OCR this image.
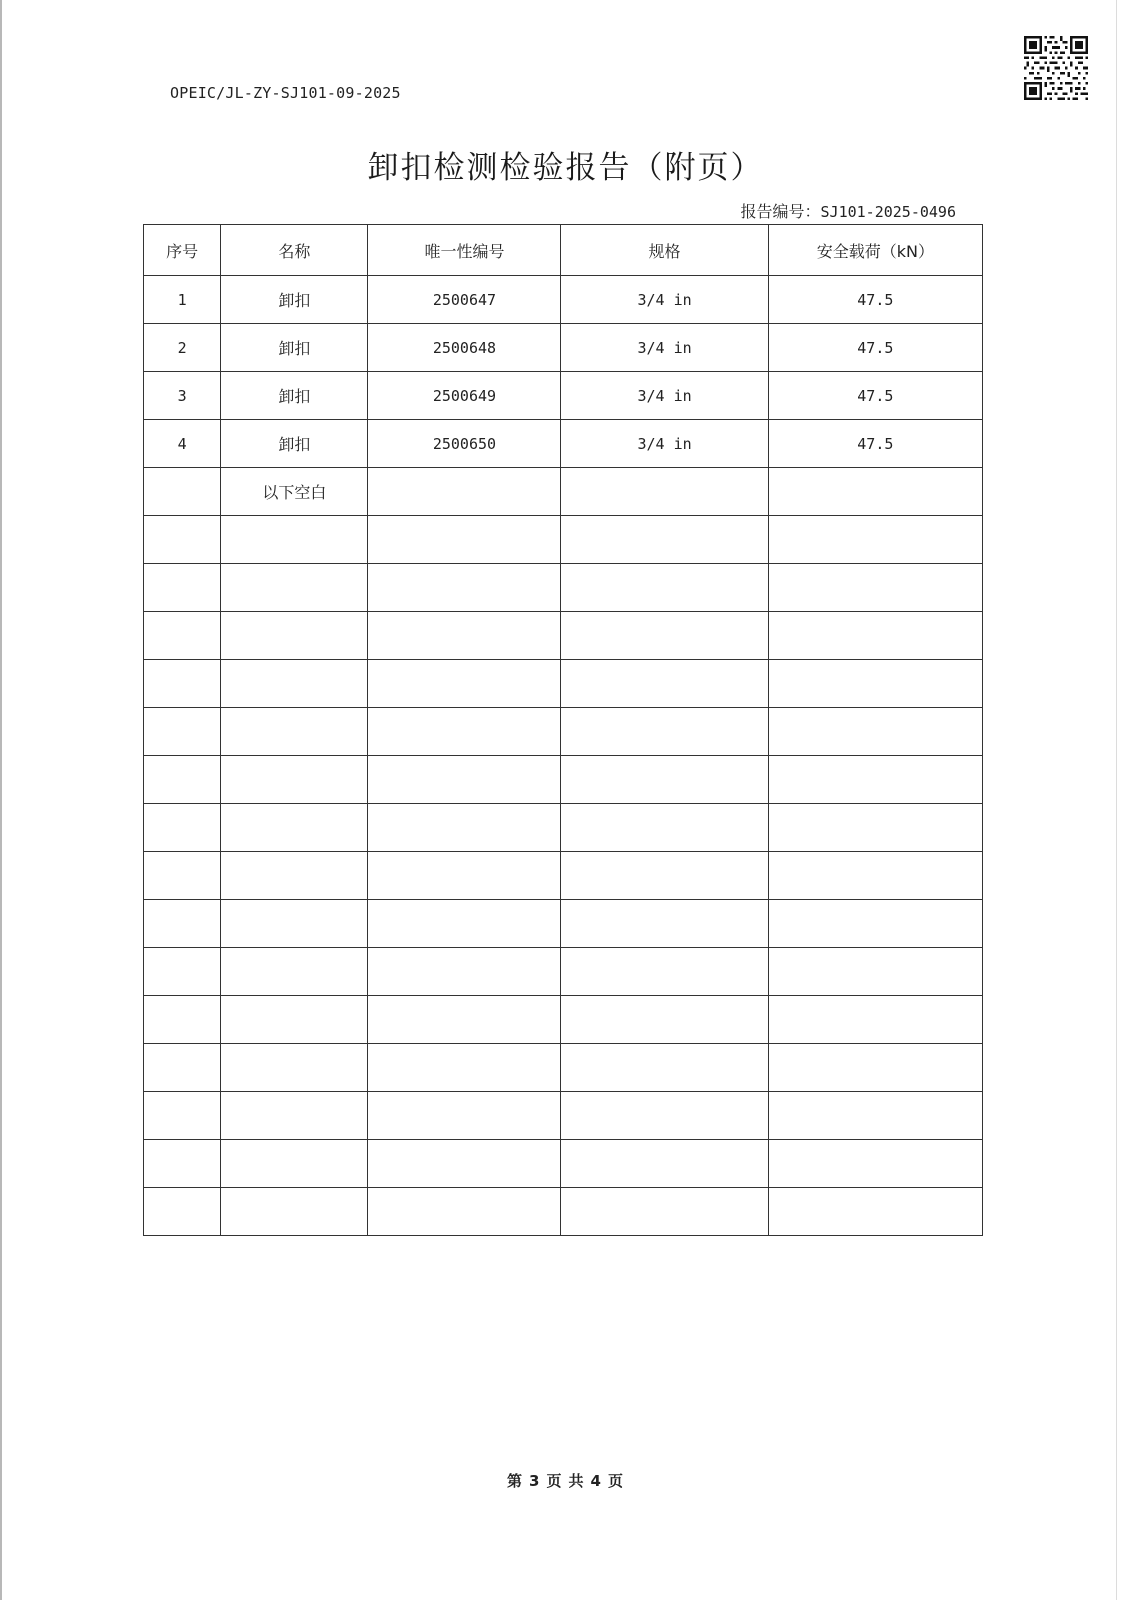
OPEIC/JL-ZY-SJ101-09-2025
卸扣检测检验报告（附页）
报告编号：SJ101-2025-0496
序号	名称	唯一性编号	规格	安全载荷（kN）
1	卸扣	2500647	3/4 in	47.5
2	卸扣	2500648	3/4 in	47.5
3	卸扣	2500649	3/4 in	47.5
4	卸扣	2500650	3/4 in	47.5
	以下空白			

第 3 页 共 4 页
